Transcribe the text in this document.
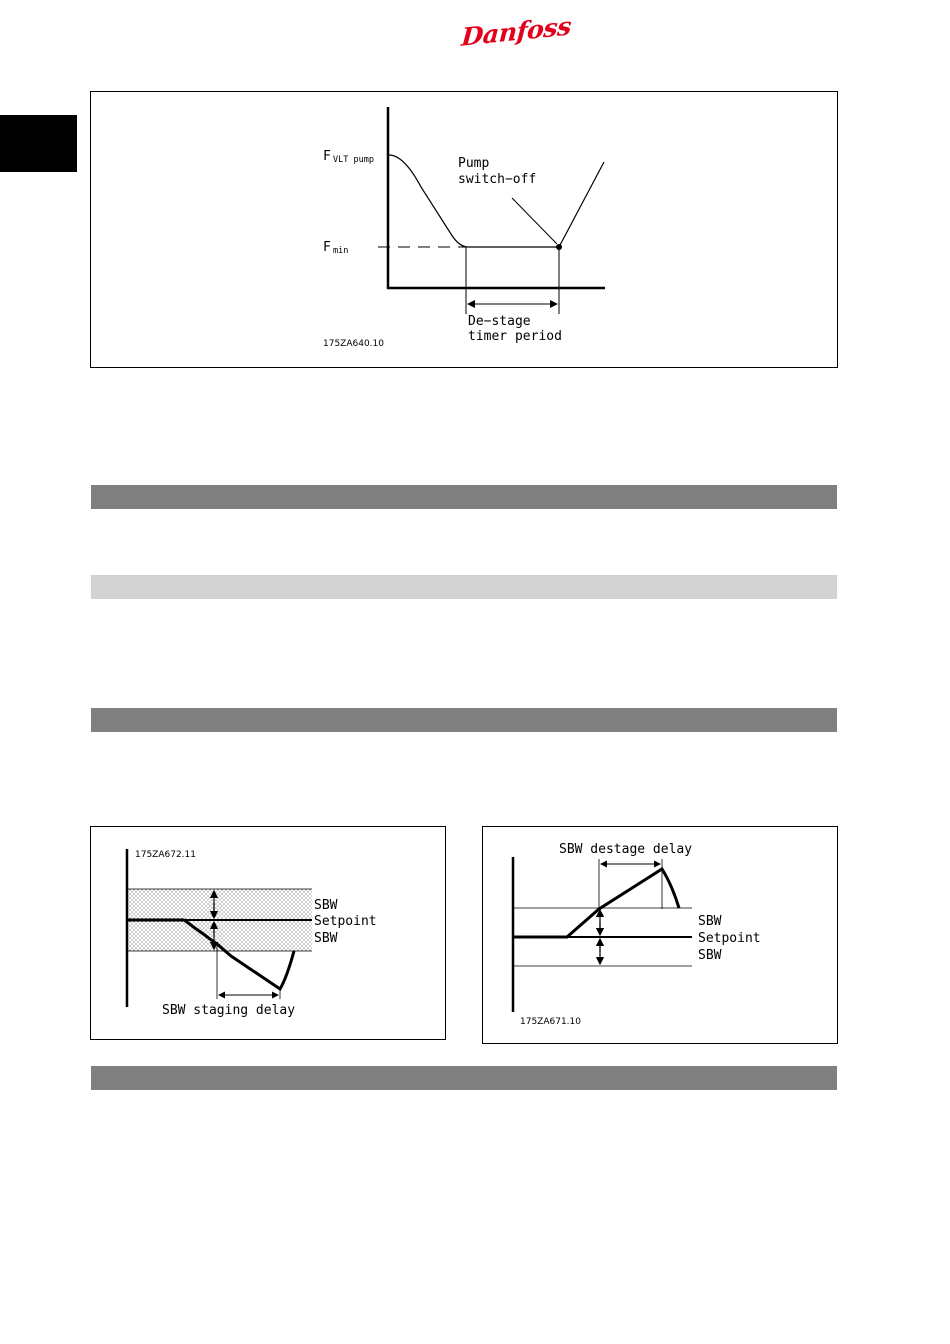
Danfoss
F VLT pump
F min
Pump
switch−off
De−stage
timer period
175ZA640.10
175ZA672.11
SBW
Setpoint
SBW
SBW staging delay
SBW destage delay
SBW
Setpoint
SBW
175ZA671.10
